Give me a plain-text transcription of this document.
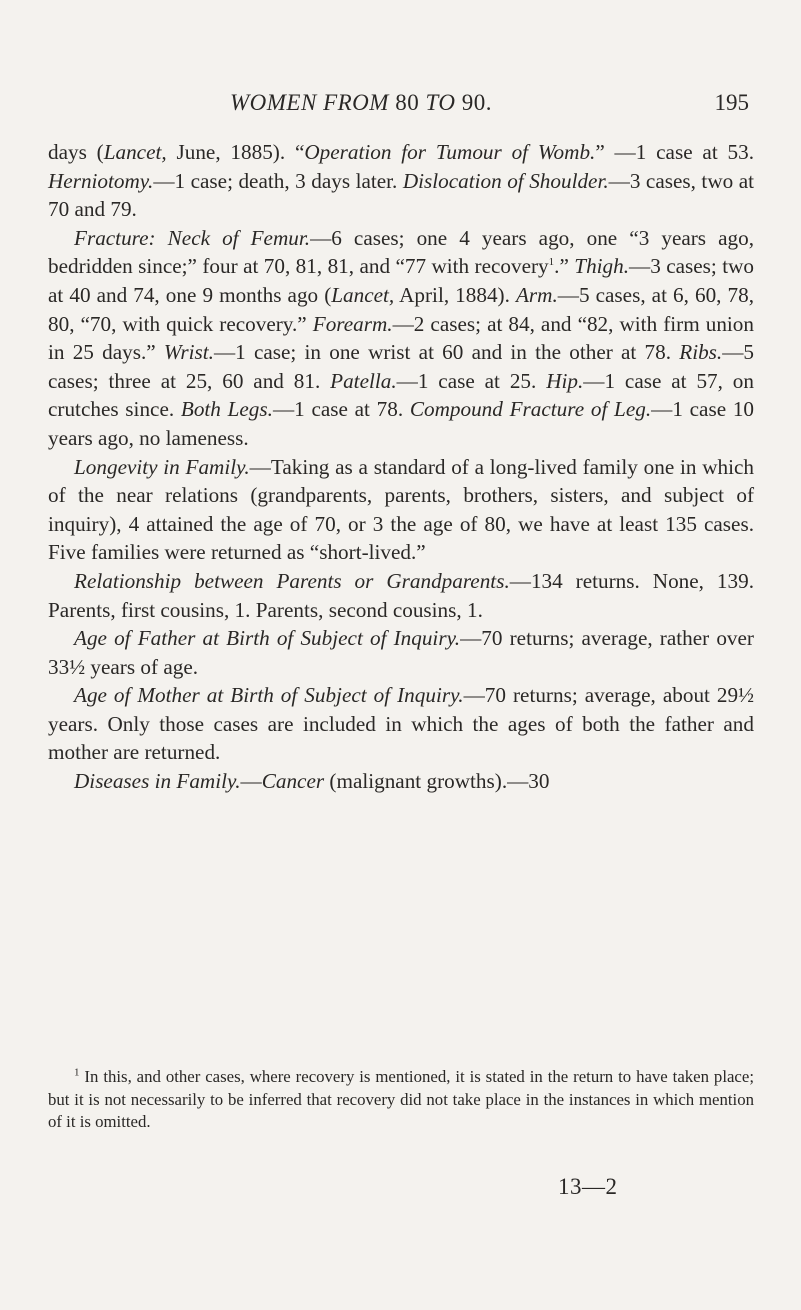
WOMEN FROM 80 TO 90.	195

days (Lancet, June, 1885). “Operation for Tumour of Womb.” —1 case at 53. Herniotomy.—1 case; death, 3 days later. Dislocation of Shoulder.—3 cases, two at 70 and 79.

Fracture: Neck of Femur.—6 cases; one 4 years ago, one “3 years ago, bedridden since;” four at 70, 81, 81, and “77 with recovery$^1$.” Thigh.—3 cases; two at 40 and 74, one 9 months ago (Lancet, April, 1884). Arm.—5 cases, at 6, 60, 78, 80, “70, with quick recovery.” Forearm.—2 cases; at 84, and “82, with firm union in 25 days.” Wrist.—1 case; in one wrist at 60 and in the other at 78. Ribs.—5 cases; three at 25, 60 and 81. Patella.—1 case at 25. Hip.—1 case at 57, on crutches since. Both Legs.—1 case at 78. Compound Fracture of Leg.—1 case 10 years ago, no lameness.

Longevity in Family.—Taking as a standard of a long-lived family one in which of the near relations (grandparents, parents, brothers, sisters, and subject of inquiry), 4 attained the age of 70, or 3 the age of 80, we have at least 135 cases. Five families were returned as “short-lived.”

Relationship between Parents or Grandparents.—134 returns. None, 139. Parents, first cousins, 1. Parents, second cousins, 1.

Age of Father at Birth of Subject of Inquiry.—70 returns; average, rather over 33½ years of age.

Age of Mother at Birth of Subject of Inquiry.—70 returns; average, about 29½ years. Only those cases are included in which the ages of both the father and mother are returned.

Diseases in Family.—Cancer (malignant growths).—30

$^1$ In this, and other cases, where recovery is mentioned, it is stated in the return to have taken place; but it is not necessarily to be inferred that recovery did not take place in the instances in which mention of it is omitted.

13—2
